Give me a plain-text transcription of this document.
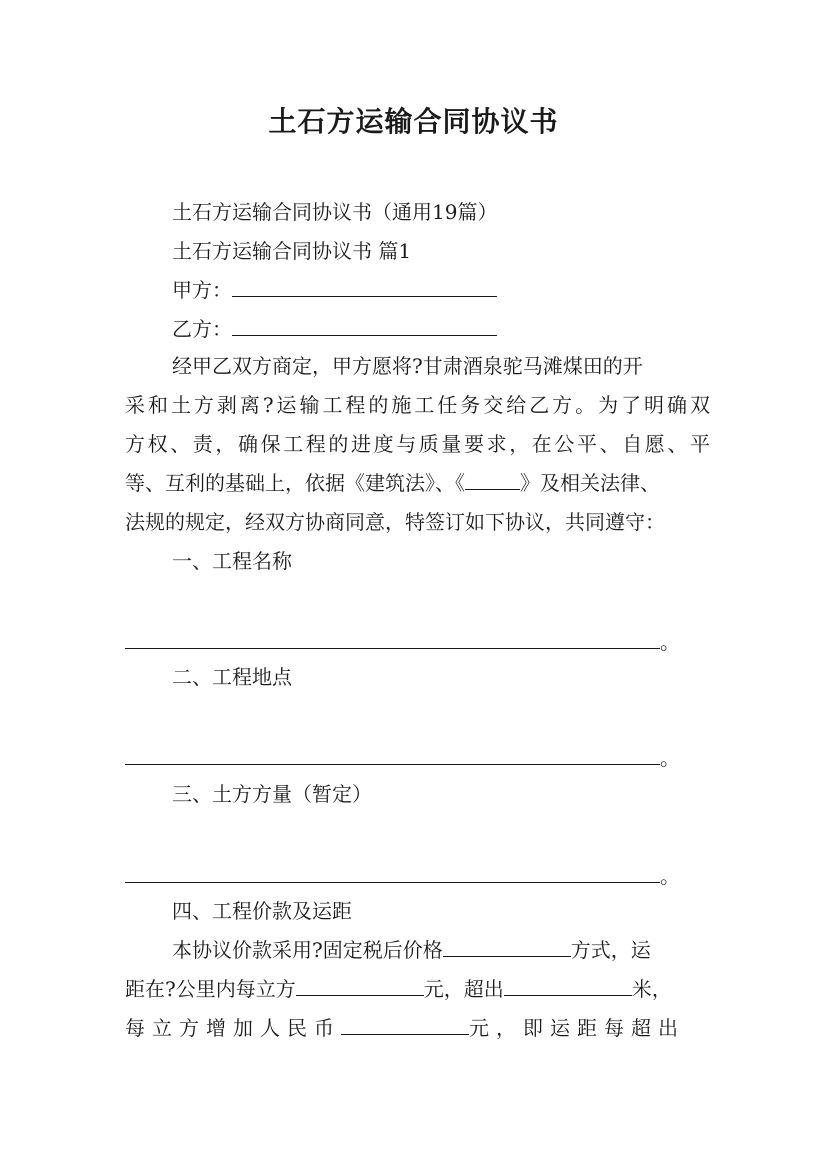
土石方运输合同协议书
土石方运输合同协议书（通用19篇）
土石方运输合同协议书 篇1
甲方：
乙方：
经甲乙双方商定，甲方愿将?甘肃酒泉驼马滩煤田的开
采和土方剥离?运输工程的施工任务交给乙方。为了明确双
方权、责，确保工程的进度与质量要求，在公平、自愿、平
等、互利的基础上，依据《建筑法》、《	》及相关法律、
法规的规定，经双方协商同意，特签订如下协议，共同遵守：
一、工程名称
。
二、工程地点
。
三、土方方量（暂定）
。
四、工程价款及运距
本协议价款采用?固定税后价格	方式，运
距在?公里内每立方	元，超出	米，
每立方增加人民币	元，即运距每超出
